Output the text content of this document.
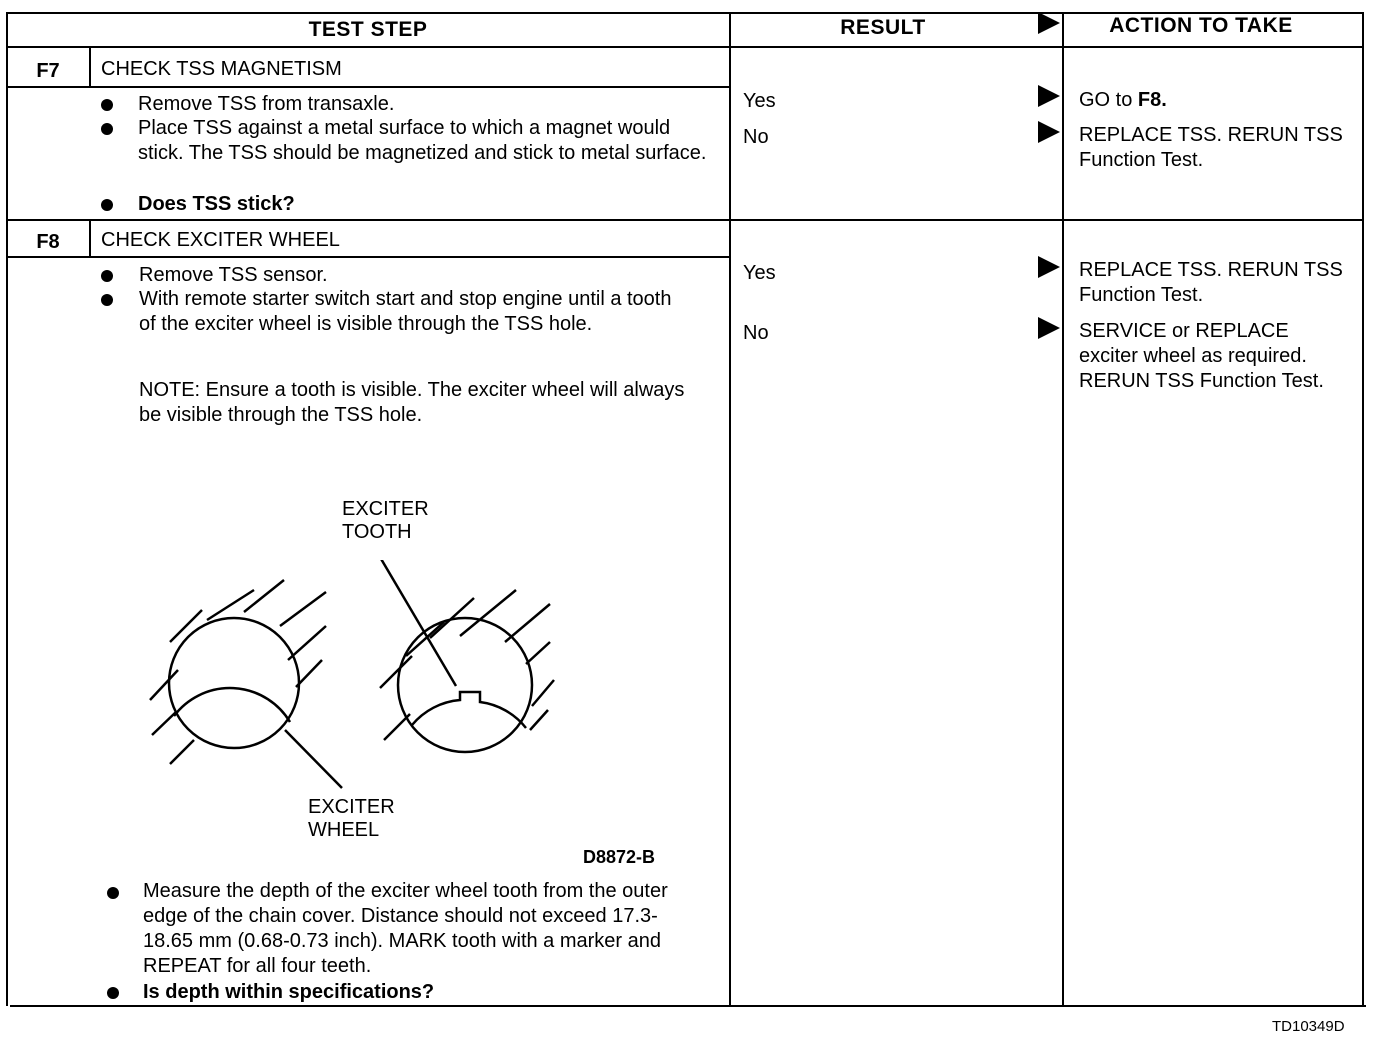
TEST STEP	RESULT	ACTION TO TAKE
F7	CHECK TSS MAGNETISM
Remove TSS from transaxle.
Place TSS against a metal surface to which a magnet would stick. The TSS should be magnetized and stick to metal surface.
Does TSS stick?
Yes	GO to F8.
No	REPLACE TSS. RERUN TSS Function Test.
F8	CHECK EXCITER WHEEL
Remove TSS sensor.
With remote starter switch start and stop engine until a tooth of the exciter wheel is visible through the TSS hole.
NOTE: Ensure a tooth is visible. The exciter wheel will always be visible through the TSS hole.
EXCITER TOOTH
EXCITER WHEEL
D8872-B
Measure the depth of the exciter wheel tooth from the outer edge of the chain cover. Distance should not exceed 17.3-18.65 mm (0.68-0.73 inch). MARK tooth with a marker and REPEAT for all four teeth.
Is depth within specifications?
Yes	REPLACE TSS. RERUN TSS Function Test.
No	SERVICE or REPLACE exciter wheel as required. RERUN TSS Function Test.
TD10349D
